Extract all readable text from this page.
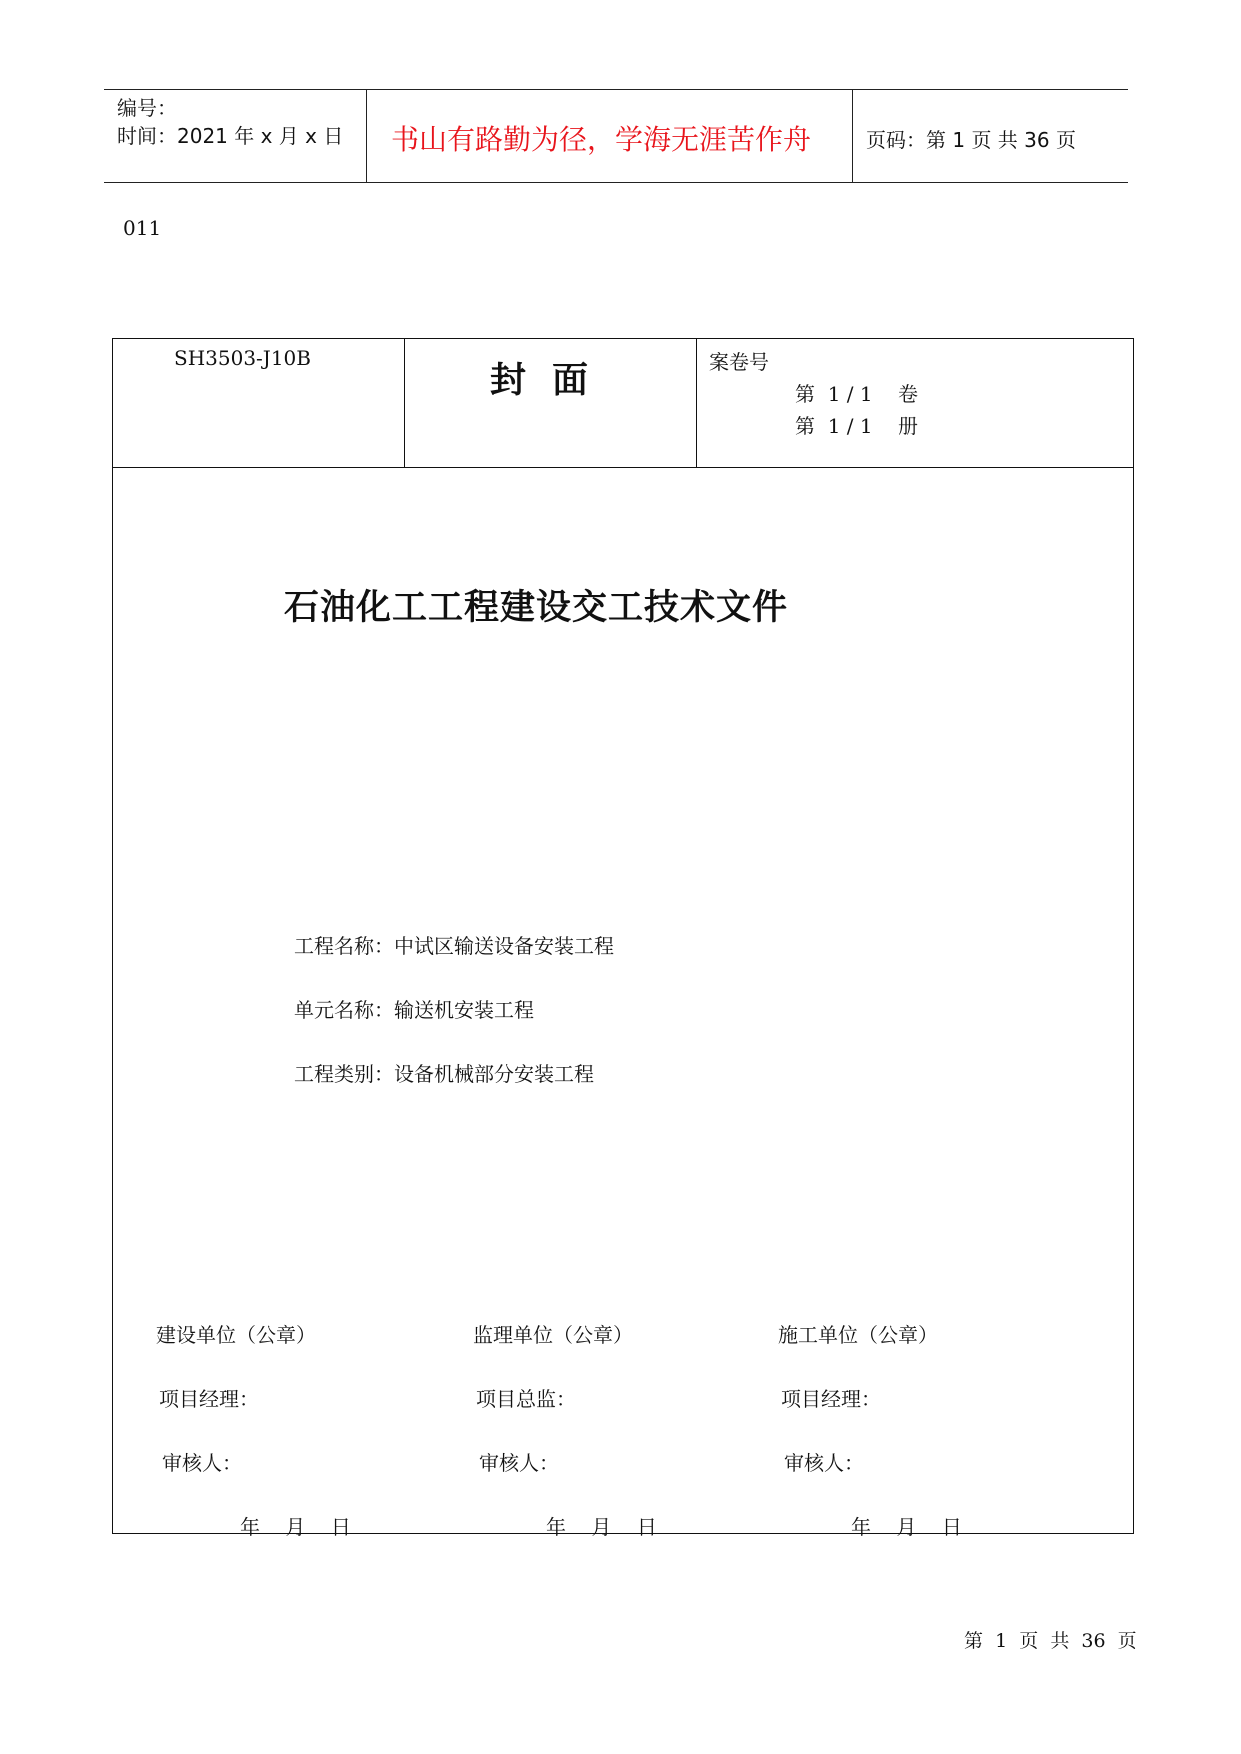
编号：
时间：2021 年 x 月 x 日 书山有路勤为径，学海无涯苦作舟	页码：第 1 页 共 36 页
011
SH3503-J10B
封面	案卷号
第  1 / 1    卷
第  1 / 1    册
石油化工工程建设交工技术文件
工程名称：中试区输送设备安装工程
单元名称：输送机安装工程
工程类别：设备机械部分安装工程
建设单位（公章）
项目经理：
审核人：
年    月    日
监理单位（公章）
项目总监：
审核人：
年    月    日
施工单位（公章）
项目经理：
审核人：
年    月    日
第  1  页  共  36  页
